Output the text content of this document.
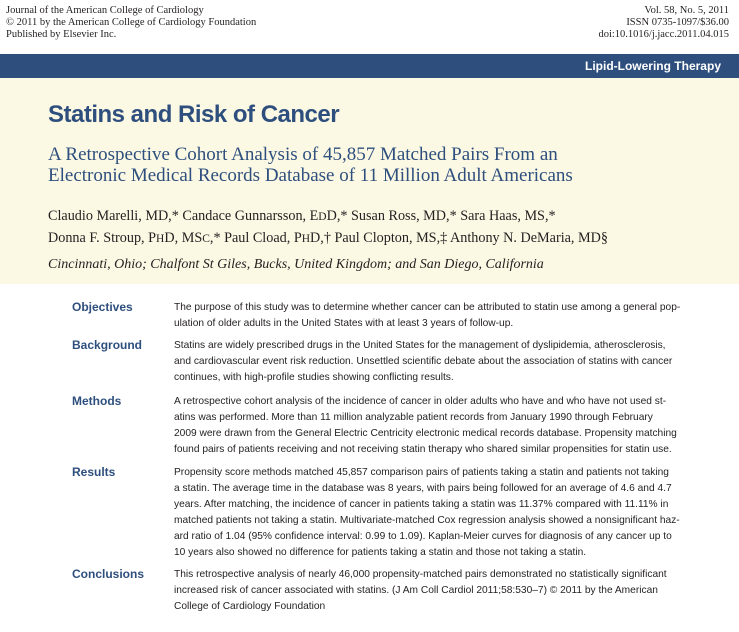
Journal of the American College of Cardiology
© 2011 by the American College of Cardiology Foundation
Published by Elsevier Inc.
Vol. 58, No. 5, 2011
ISSN 0735-1097/$36.00
doi:10.1016/j.jacc.2011.04.015
Lipid-Lowering Therapy
Statins and Risk of Cancer
A Retrospective Cohort Analysis of 45,857 Matched Pairs From an
Electronic Medical Records Database of 11 Million Adult Americans
Claudio Marelli, MD,* Candace Gunnarsson, EDD,* Susan Ross, MD,* Sara Haas, MS,*
Donna F. Stroup, PHD, MSC,* Paul Cload, PHD,† Paul Clopton, MS,‡ Anthony N. DeMaria, MD§
Cincinnati, Ohio; Chalfont St Giles, Bucks, United Kingdom; and San Diego, California
Objectives	The purpose of this study was to determine whether cancer can be attributed to statin use among a general pop-
ulation of older adults in the United States with at least 3 years of follow-up.
Background	Statins are widely prescribed drugs in the United States for the management of dyslipidemia, atherosclerosis,
and cardiovascular event risk reduction. Unsettled scientific debate about the association of statins with cancer
continues, with high-profile studies showing conflicting results.
Methods	A retrospective cohort analysis of the incidence of cancer in older adults who have and who have not used st-
atins was performed. More than 11 million analyzable patient records from January 1990 through February
2009 were drawn from the General Electric Centricity electronic medical records database. Propensity matching
found pairs of patients receiving and not receiving statin therapy who shared similar propensities for statin use.
Results	Propensity score methods matched 45,857 comparison pairs of patients taking a statin and patients not taking
a statin. The average time in the database was 8 years, with pairs being followed for an average of 4.6 and 4.7
years. After matching, the incidence of cancer in patients taking a statin was 11.37% compared with 11.11% in
matched patients not taking a statin. Multivariate-matched Cox regression analysis showed a nonsignificant haz-
ard ratio of 1.04 (95% confidence interval: 0.99 to 1.09). Kaplan-Meier curves for diagnosis of any cancer up to
10 years also showed no difference for patients taking a statin and those not taking a statin.
Conclusions	This retrospective analysis of nearly 46,000 propensity-matched pairs demonstrated no statistically significant
increased risk of cancer associated with statins. (J Am Coll Cardiol 2011;58:530–7) © 2011 by the American
College of Cardiology Foundation
